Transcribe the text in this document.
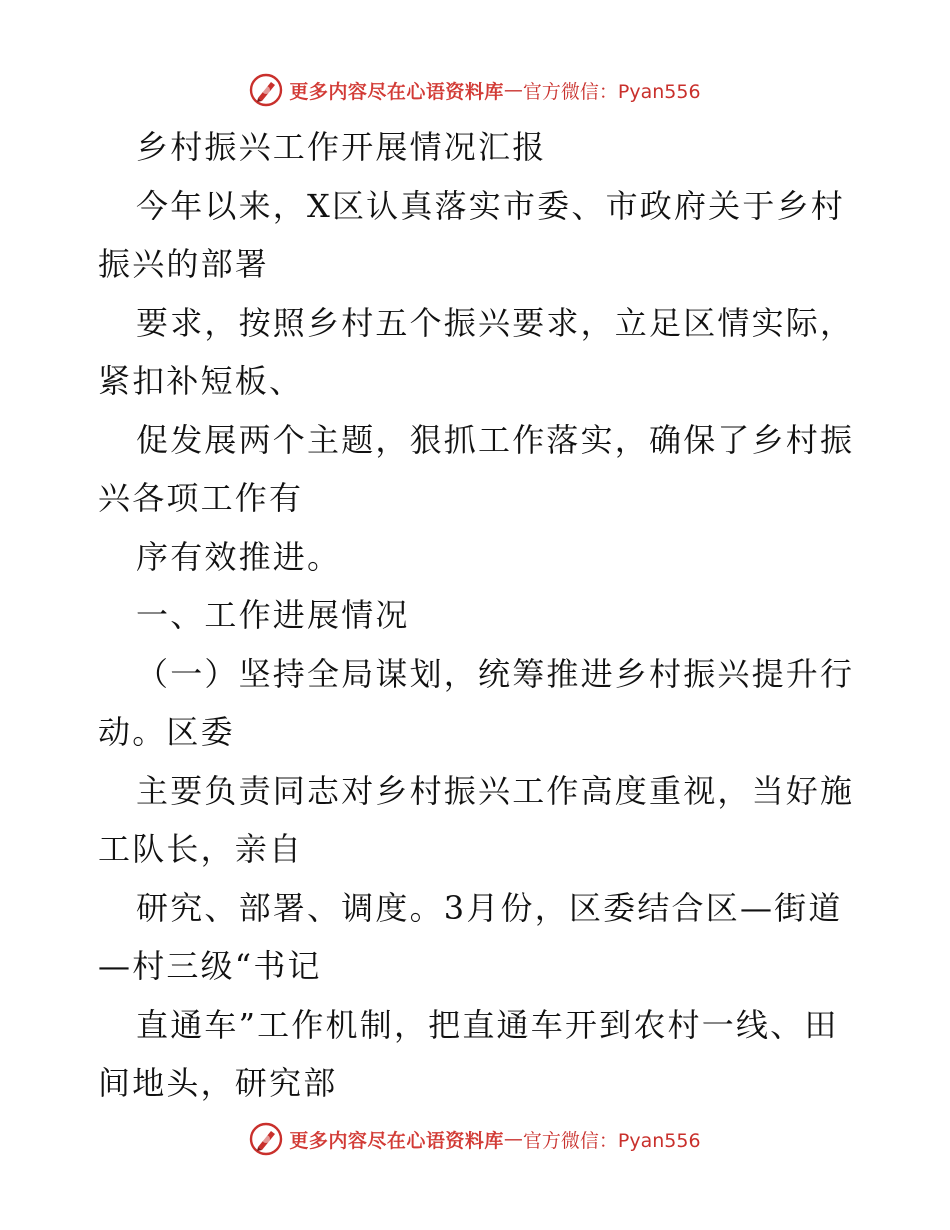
更多内容尽在心语资料库 — 官方微信：Pyan556
乡村振兴工作开展情况汇报
今年以来，X区认真落实市委、市政府关于乡村
振兴的部署
要求，按照乡村五个振兴要求，立足区情实际，
紧扣补短板、
促发展两个主题，狠抓工作落实，确保了乡村振
兴各项工作有
序有效推进。
一、工作进展情况
（一）坚持全局谋划，统筹推进乡村振兴提升行
动。区委
主要负责同志对乡村振兴工作高度重视，当好施
工队长，亲自
研究、部署、调度。3月份，区委结合区—街道
—村三级“书记
直通车”工作机制，把直通车开到农村一线、田
间地头，研究部
更多内容尽在心语资料库 — 官方微信：Pyan556
